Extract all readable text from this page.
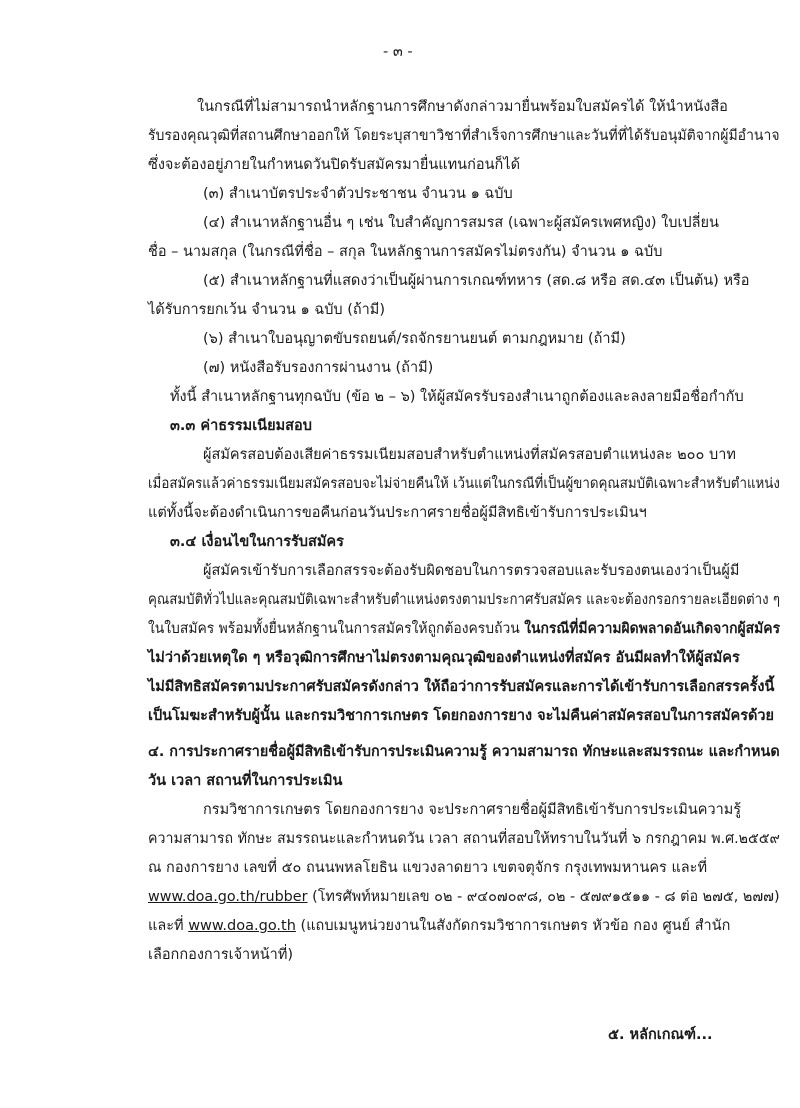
- ๓ -
ในกรณีที่ไม่สามารถนำหลักฐานการศึกษาดังกล่าวมายื่นพร้อมใบสมัครได้ ให้นำหนังสือ
รับรองคุณวุฒิที่สถานศึกษาออกให้ โดยระบุสาขาวิชาที่สำเร็จการศึกษาและวันที่ที่ได้รับอนุมัติจากผู้มีอำนาจ
ซึ่งจะต้องอยู่ภายในกำหนดวันปิดรับสมัครมายื่นแทนก่อนก็ได้
(๓) สำเนาบัตรประจำตัวประชาชน จำนวน ๑ ฉบับ
(๔) สำเนาหลักฐานอื่น ๆ เช่น ใบสำคัญการสมรส (เฉพาะผู้สมัครเพศหญิง) ใบเปลี่ยน
ชื่อ – นามสกุล (ในกรณีที่ชื่อ – สกุล ในหลักฐานการสมัครไม่ตรงกัน) จำนวน ๑ ฉบับ
(๕) สำเนาหลักฐานที่แสดงว่าเป็นผู้ผ่านการเกณฑ์ทหาร (สด.๘ หรือ สด.๔๓ เป็นต้น) หรือ
ได้รับการยกเว้น จำนวน ๑ ฉบับ (ถ้ามี)
(๖) สำเนาใบอนุญาตขับรถยนต์/รถจักรยานยนต์ ตามกฎหมาย (ถ้ามี)
(๗) หนังสือรับรองการผ่านงาน (ถ้ามี)
ทั้งนี้ สำเนาหลักฐานทุกฉบับ (ข้อ ๒ – ๖) ให้ผู้สมัครรับรองสำเนาถูกต้องและลงลายมือชื่อกำกับ
๓.๓ ค่าธรรมเนียมสอบ
ผู้สมัครสอบต้องเสียค่าธรรมเนียมสอบสำหรับตำแหน่งที่สมัครสอบตำแหน่งละ ๒๐๐ บาท
เมื่อสมัครแล้วค่าธรรมเนียมสมัครสอบจะไม่จ่ายคืนให้ เว้นแต่ในกรณีที่เป็นผู้ขาดคุณสมบัติเฉพาะสำหรับตำแหน่ง
แต่ทั้งนี้จะต้องดำเนินการขอคืนก่อนวันประกาศรายชื่อผู้มีสิทธิเข้ารับการประเมินฯ
๓.๔ เงื่อนไขในการรับสมัคร
ผู้สมัครเข้ารับการเลือกสรรจะต้องรับผิดชอบในการตรวจสอบและรับรองตนเองว่าเป็นผู้มี
คุณสมบัติทั่วไปและคุณสมบัติเฉพาะสำหรับตำแหน่งตรงตามประกาศรับสมัคร และจะต้องกรอกรายละเอียดต่าง ๆ
ในใบสมัคร พร้อมทั้งยื่นหลักฐานในการสมัครให้ถูกต้องครบถ้วน ในกรณีที่มีความผิดพลาดอันเกิดจากผู้สมัคร
ไม่ว่าด้วยเหตุใด ๆ หรือวุฒิการศึกษาไม่ตรงตามคุณวุฒิของตำแหน่งที่สมัคร อันมีผลทำให้ผู้สมัคร
ไม่มีสิทธิสมัครตามประกาศรับสมัครดังกล่าว ให้ถือว่าการรับสมัครและการได้เข้ารับการเลือกสรรครั้งนี้
เป็นโมฆะสำหรับผู้นั้น และกรมวิชาการเกษตร โดยกองการยาง จะไม่คืนค่าสมัครสอบในการสมัครด้วย
๔. การประกาศรายชื่อผู้มีสิทธิเข้ารับการประเมินความรู้ ความสามารถ ทักษะและสมรรถนะ และกำหนด
วัน เวลา สถานที่ในการประเมิน
กรมวิชาการเกษตร โดยกองการยาง จะประกาศรายชื่อผู้มีสิทธิเข้ารับการประเมินความรู้
ความสามารถ ทักษะ สมรรถนะและกำหนดวัน เวลา สถานที่สอบให้ทราบในวันที่ ๖ กรกฎาคม พ.ศ.๒๕๕๙
ณ กองการยาง เลขที่ ๕๐ ถนนพหลโยธิน แขวงลาดยาว เขตจตุจักร กรุงเทพมหานคร และที่
www.doa.go.th/rubber (โทรศัพท์หมายเลข ๐๒ - ๙๔๐๗๐๙๘, ๐๒ - ๕๗๙๑๕๑๑ - ๘ ต่อ ๒๗๕, ๒๗๗)
และที่ www.doa.go.th (แถบเมนูหน่วยงานในสังกัดกรมวิชาการเกษตร หัวข้อ กอง ศูนย์ สำนัก
เลือกกองการเจ้าหน้าที่)
๕. หลักเกณฑ์...
